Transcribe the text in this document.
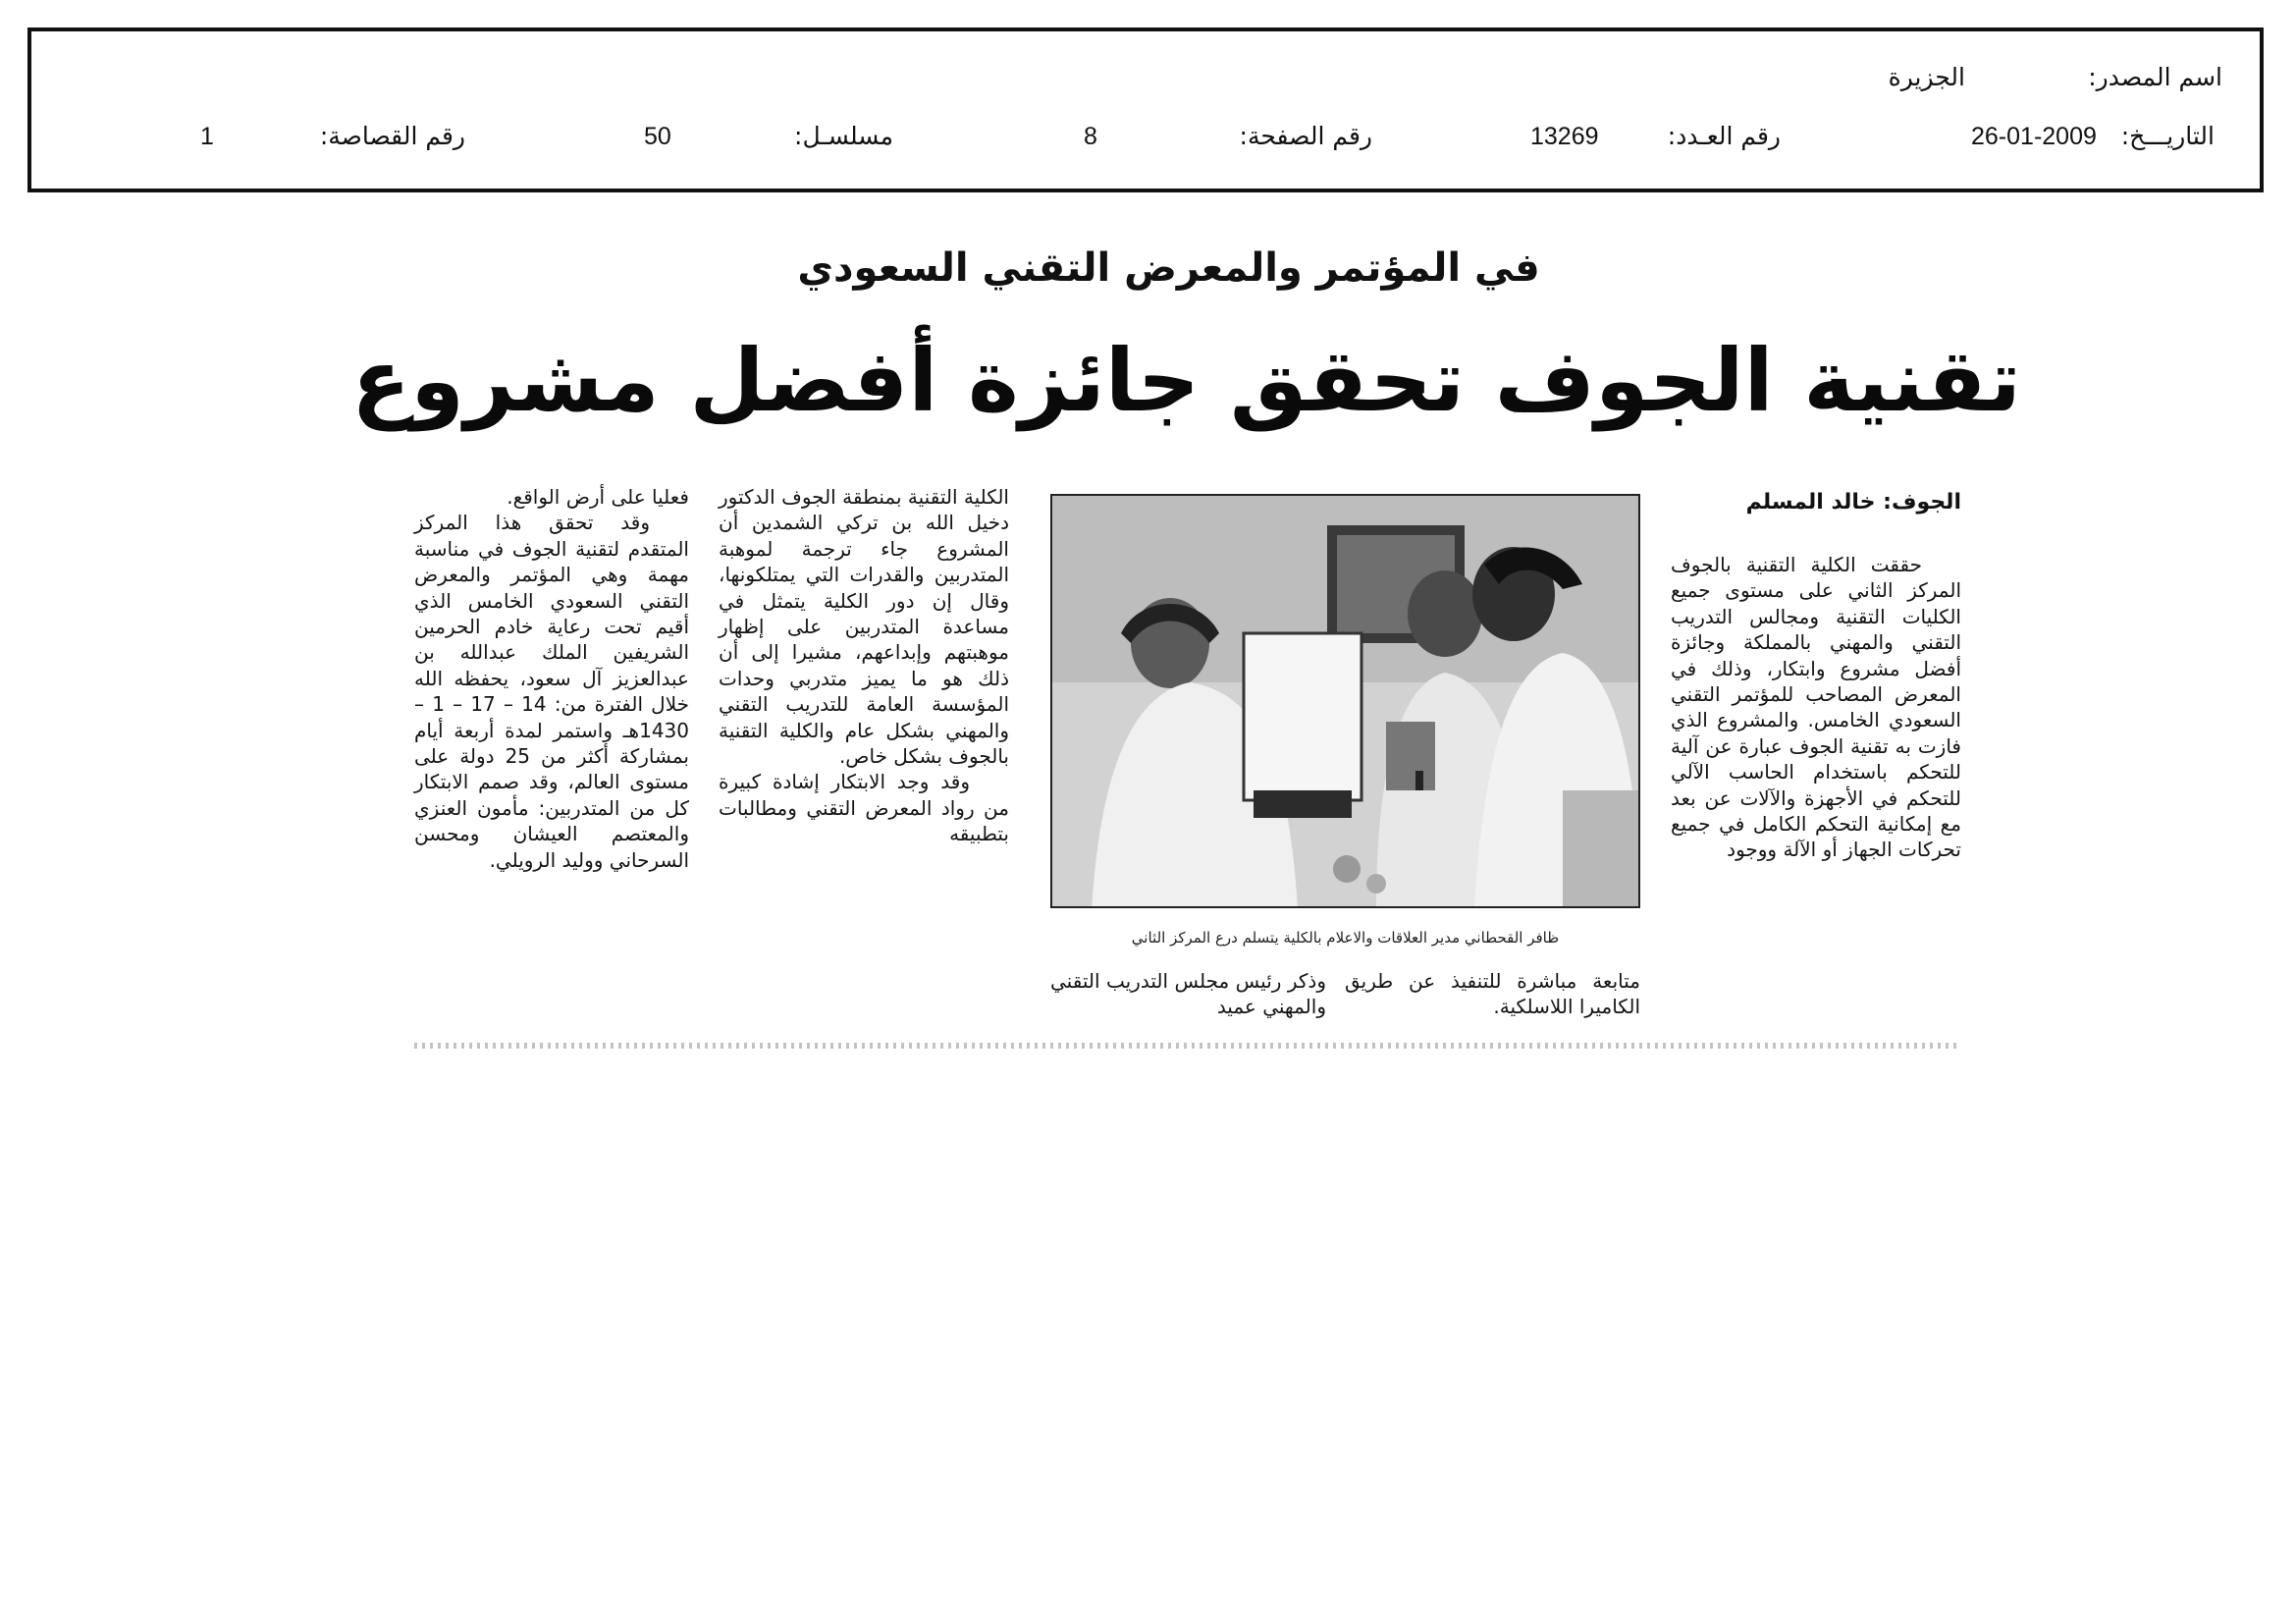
اسم المصدر:
الجزيرة
التاريـــخ:
26-01-2009
رقم العـدد:
13269
رقم الصفحة:
8
مسلسـل:
50
رقم القصاصة:
1
في المؤتمر والمعرض التقني السعودي
تقنية الجوف تحقق جائزة أفضل مشروع
الجوف: خالد المسلم

حققت الكلية التقنية بالجوف المركز الثاني على مستوى جميع الكليات التقنية ومجالس التدريب التقني والمهني بالمملكة وجائزة أفضل مشروع وابتكار، وذلك في المعرض المصاحب للمؤتمر التقني السعودي الخامس. والمشروع الذي فازت به تقنية الجوف عبارة عن آلية للتحكم باستخدام الحاسب الآلي للتحكم في الأجهزة والآلات عن بعد مع إمكانية التحكم الكامل في جميع تحركات الجهاز أو الآلة ووجود

ظافر القحطاني مدير العلاقات والاعلام بالكلية يتسلم درع المركز الثاني
متابعة مباشرة للتنفيذ عن طريق الكاميرا اللاسلكية.
وذكر رئيس مجلس التدريب التقني والمهني عميد

الكلية التقنية بمنطقة الجوف الدكتور دخيل الله بن تركي الشمدين أن المشروع جاء ترجمة لموهبة المتدربين والقدرات التي يمتلكونها، وقال إن دور الكلية يتمثل في مساعدة المتدربين على إظهار موهبتهم وإبداعهم، مشيرا إلى أن ذلك هو ما يميز متدربي وحدات المؤسسة العامة للتدريب التقني والمهني بشكل عام والكلية التقنية بالجوف بشكل خاص.

وقد وجد الابتكار إشادة كبيرة من رواد المعرض التقني ومطالبات بتطبيقه

فعليا على أرض الواقع.

وقد تحقق هذا المركز المتقدم لتقنية الجوف في مناسبة مهمة وهي المؤتمر والمعرض التقني السعودي الخامس الذي أقيم تحت رعاية خادم الحرمين الشريفين الملك عبدالله بن عبدالعزيز آل سعود، يحفظه الله خلال الفترة من: 14 – 17 – 1 – 1430هـ واستمر لمدة أربعة أيام بمشاركة أكثر من 25 دولة على مستوى العالم، وقد صمم الابتكار كل من المتدربين: مأمون العنزي والمعتصم العيشان ومحسن السرحاني ووليد الرويلي.
